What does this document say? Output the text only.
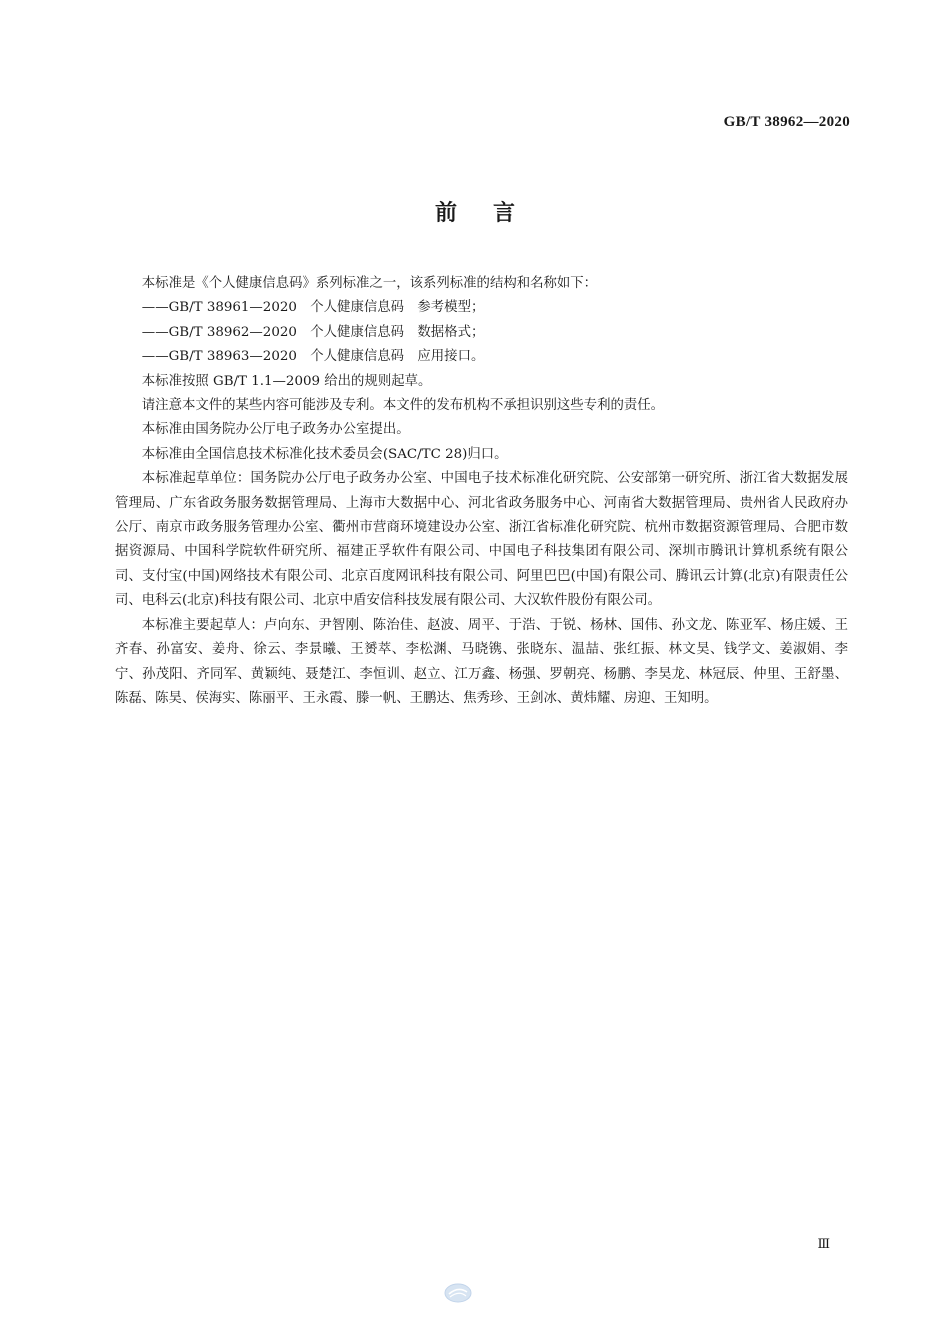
GB/T 38962—2020
前言

本标准是《个人健康信息码》系列标准之一，该系列标准的结构和名称如下：

——GB/T 38961—2020　个人健康信息码　参考模型；

——GB/T 38962—2020　个人健康信息码　数据格式；

——GB/T 38963—2020　个人健康信息码　应用接口。

本标准按照 GB/T 1.1—2009 给出的规则起草。

请注意本文件的某些内容可能涉及专利。本文件的发布机构不承担识别这些专利的责任。

本标准由国务院办公厅电子政务办公室提出。

本标准由全国信息技术标准化技术委员会(SAC/TC 28)归口。

本标准起草单位：国务院办公厅电子政务办公室、中国电子技术标准化研究院、公安部第一研究所、浙江省大数据发展管理局、广东省政务服务数据管理局、上海市大数据中心、河北省政务服务中心、河南省大数据管理局、贵州省人民政府办公厅、南京市政务服务管理办公室、衢州市营商环境建设办公室、浙江省标准化研究院、杭州市数据资源管理局、合肥市数据资源局、中国科学院软件研究所、福建正孚软件有限公司、中国电子科技集团有限公司、深圳市腾讯计算机系统有限公司、支付宝(中国)网络技术有限公司、北京百度网讯科技有限公司、阿里巴巴(中国)有限公司、腾讯云计算(北京)有限责任公司、电科云(北京)科技有限公司、北京中盾安信科技发展有限公司、大汉软件股份有限公司。

本标准主要起草人：卢向东、尹智刚、陈治佳、赵波、周平、于浩、于锐、杨林、国伟、孙文龙、陈亚军、杨庄媛、王齐春、孙富安、姜舟、徐云、李景曦、王赟萃、李松渊、马晓镌、张晓东、温喆、张红振、林文昊、钱学文、姜淑娟、李宁、孙茂阳、齐同军、黄颖纯、聂楚江、李恒训、赵立、江万鑫、杨强、罗朝亮、杨鹏、李昊龙、林冠辰、仲里、王舒墨、陈磊、陈昊、侯海实、陈丽平、王永霞、滕一帆、王鹏达、焦秀珍、王剑冰、黄炜耀、房迎、王知明。

Ⅲ
